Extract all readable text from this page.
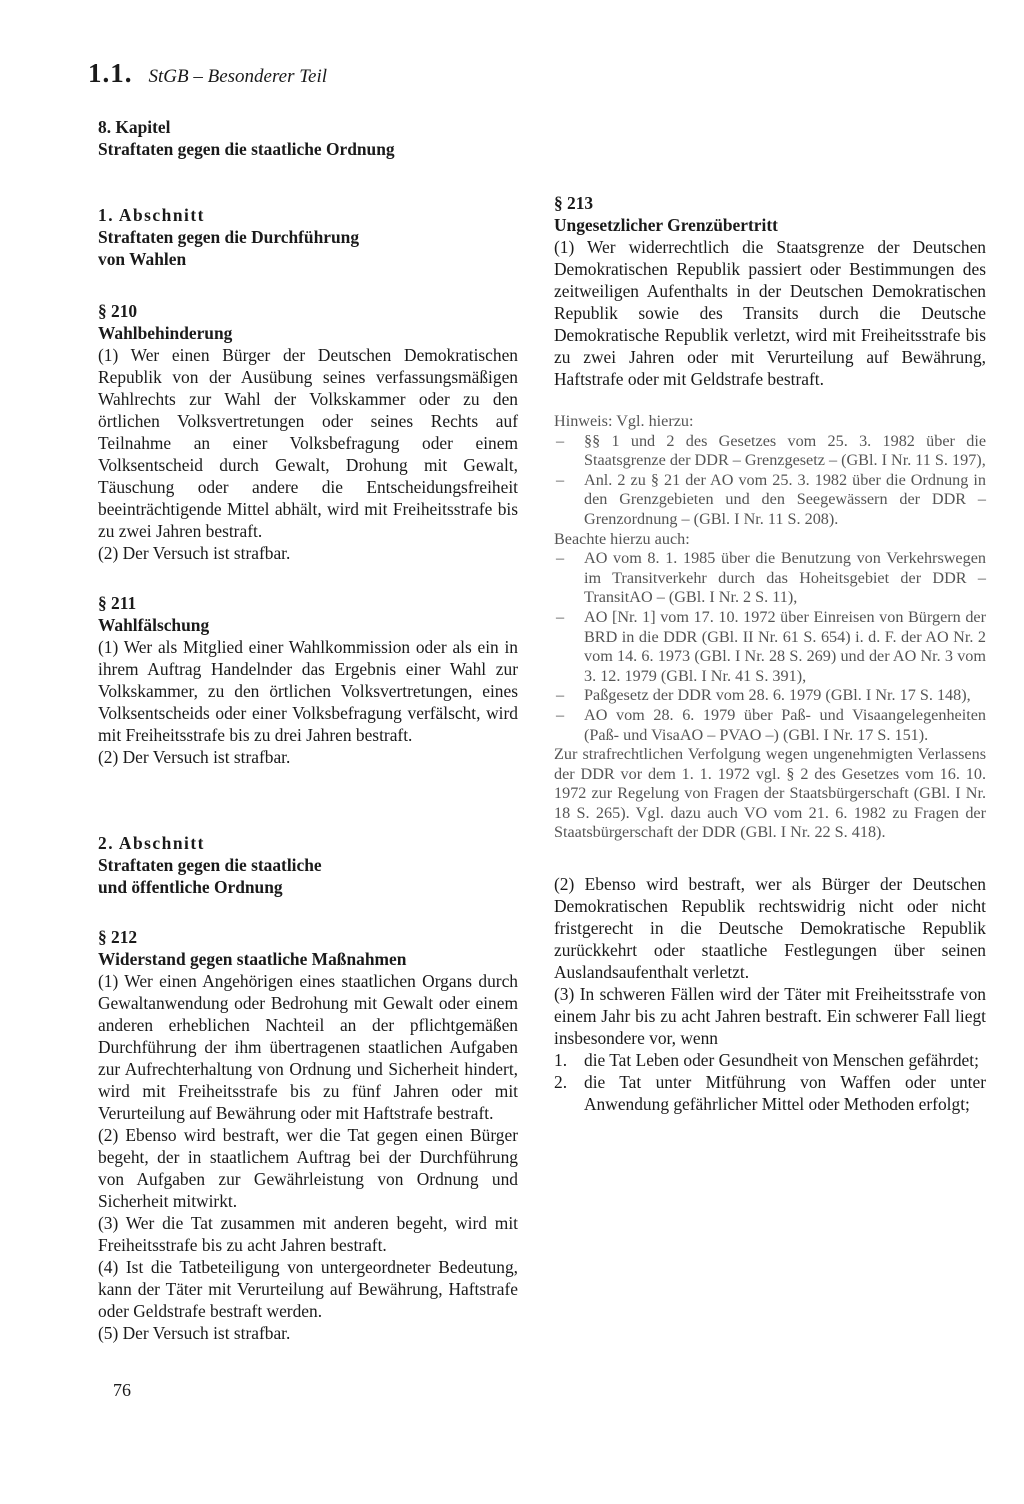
1.1. StGB – Besonderer Teil
8. Kapitel
Straftaten gegen die staatliche Ordnung
1. Abschnitt
Straftaten gegen die Durchführung
von Wahlen
§ 210
Wahlbehinderung

(1) Wer einen Bürger der Deutschen Demokratischen Republik von der Ausübung seines verfassungsmäßigen Wahlrechts zur Wahl der Volkskammer oder zu den örtlichen Volksvertretungen oder seines Rechts auf Teilnahme an einer Volksbefragung oder einem Volksentscheid durch Gewalt, Drohung mit Gewalt, Täuschung oder andere die Entscheidungsfreiheit beeinträchtigende Mittel abhält, wird mit Freiheitsstrafe bis zu zwei Jahren bestraft.

(2) Der Versuch ist strafbar.

§ 211
Wahlfälschung

(1) Wer als Mitglied einer Wahlkommission oder als ein in ihrem Auftrag Handelnder das Ergebnis einer Wahl zur Volkskammer, zu den örtlichen Volksvertretungen, eines Volksentscheids oder einer Volksbefragung verfälscht, wird mit Freiheitsstrafe bis zu drei Jahren bestraft.

(2) Der Versuch ist strafbar.

2. Abschnitt
Straftaten gegen die staatliche
und öffentliche Ordnung
§ 212
Widerstand gegen staatliche Maßnahmen

(1) Wer einen Angehörigen eines staatlichen Organs durch Gewaltanwendung oder Bedrohung mit Gewalt oder einem anderen erheblichen Nachteil an der pflichtgemäßen Durchführung der ihm übertragenen staatlichen Aufgaben zur Aufrechterhaltung von Ordnung und Sicherheit hindert, wird mit Freiheitsstrafe bis zu fünf Jahren oder mit Verurteilung auf Bewährung oder mit Haftstrafe bestraft.

(2) Ebenso wird bestraft, wer die Tat gegen einen Bürger begeht, der in staatlichem Auftrag bei der Durchführung von Aufgaben zur Gewährleistung von Ordnung und Sicherheit mitwirkt.

(3) Wer die Tat zusammen mit anderen begeht, wird mit Freiheitsstrafe bis zu acht Jahren bestraft.

(4) Ist die Tatbeteiligung von untergeordneter Bedeutung, kann der Täter mit Verurteilung auf Bewährung, Haftstrafe oder Geldstrafe bestraft werden.

(5) Der Versuch ist strafbar.

§ 213
Ungesetzlicher Grenzübertritt

(1) Wer widerrechtlich die Staatsgrenze der Deutschen Demokratischen Republik passiert oder Bestimmungen des zeitweiligen Aufenthalts in der Deutschen Demokratischen Republik sowie des Transits durch die Deutsche Demokratische Republik verletzt, wird mit Freiheitsstrafe bis zu zwei Jahren oder mit Verurteilung auf Bewährung, Haftstrafe oder mit Geldstrafe bestraft.

Hinweis: Vgl. hierzu:
– §§ 1 und 2 des Gesetzes vom 25. 3. 1982 über die Staatsgrenze der DDR – Grenzgesetz – (GBl. I Nr. 11 S. 197),
– Anl. 2 zu § 21 der AO vom 25. 3. 1982 über die Ordnung in den Grenzgebieten und den Seegewässern der DDR – Grenzordnung – (GBl. I Nr. 11 S. 208).
Beachte hierzu auch:
– AO vom 8. 1. 1985 über die Benutzung von Verkehrswegen im Transitverkehr durch das Hoheitsgebiet der DDR – TransitAO – (GBl. I Nr. 2 S. 11),
– AO [Nr. 1] vom 17. 10. 1972 über Einreisen von Bürgern der BRD in die DDR (GBl. II Nr. 61 S. 654) i. d. F. der AO Nr. 2 vom 14. 6. 1973 (GBl. I Nr. 28 S. 269) und der AO Nr. 3 vom 3. 12. 1979 (GBl. I Nr. 41 S. 391),
– Paßgesetz der DDR vom 28. 6. 1979 (GBl. I Nr. 17 S. 148),
– AO vom 28. 6. 1979 über Paß- und Visaangelegenheiten (Paß- und VisaAO – PVAO –) (GBl. I Nr. 17 S. 151).

Zur strafrechtlichen Verfolgung wegen ungenehmigten Verlassens der DDR vor dem 1. 1. 1972 vgl. § 2 des Gesetzes vom 16. 10. 1972 zur Regelung von Fragen der Staatsbürgerschaft (GBl. I Nr. 18 S. 265). Vgl. dazu auch VO vom 21. 6. 1982 zu Fragen der Staatsbürgerschaft der DDR (GBl. I Nr. 22 S. 418).

(2) Ebenso wird bestraft, wer als Bürger der Deutschen Demokratischen Republik rechtswidrig nicht oder nicht fristgerecht in die Deutsche Demokratische Republik zurückkehrt oder staatliche Festlegungen über seinen Auslandsaufenthalt verletzt.

(3) In schweren Fällen wird der Täter mit Freiheitsstrafe von einem Jahr bis zu acht Jahren bestraft. Ein schwerer Fall liegt insbesondere vor, wenn

1. die Tat Leben oder Gesundheit von Menschen gefährdet;
2. die Tat unter Mitführung von Waffen oder unter Anwendung gefährlicher Mittel oder Methoden erfolgt;
76
